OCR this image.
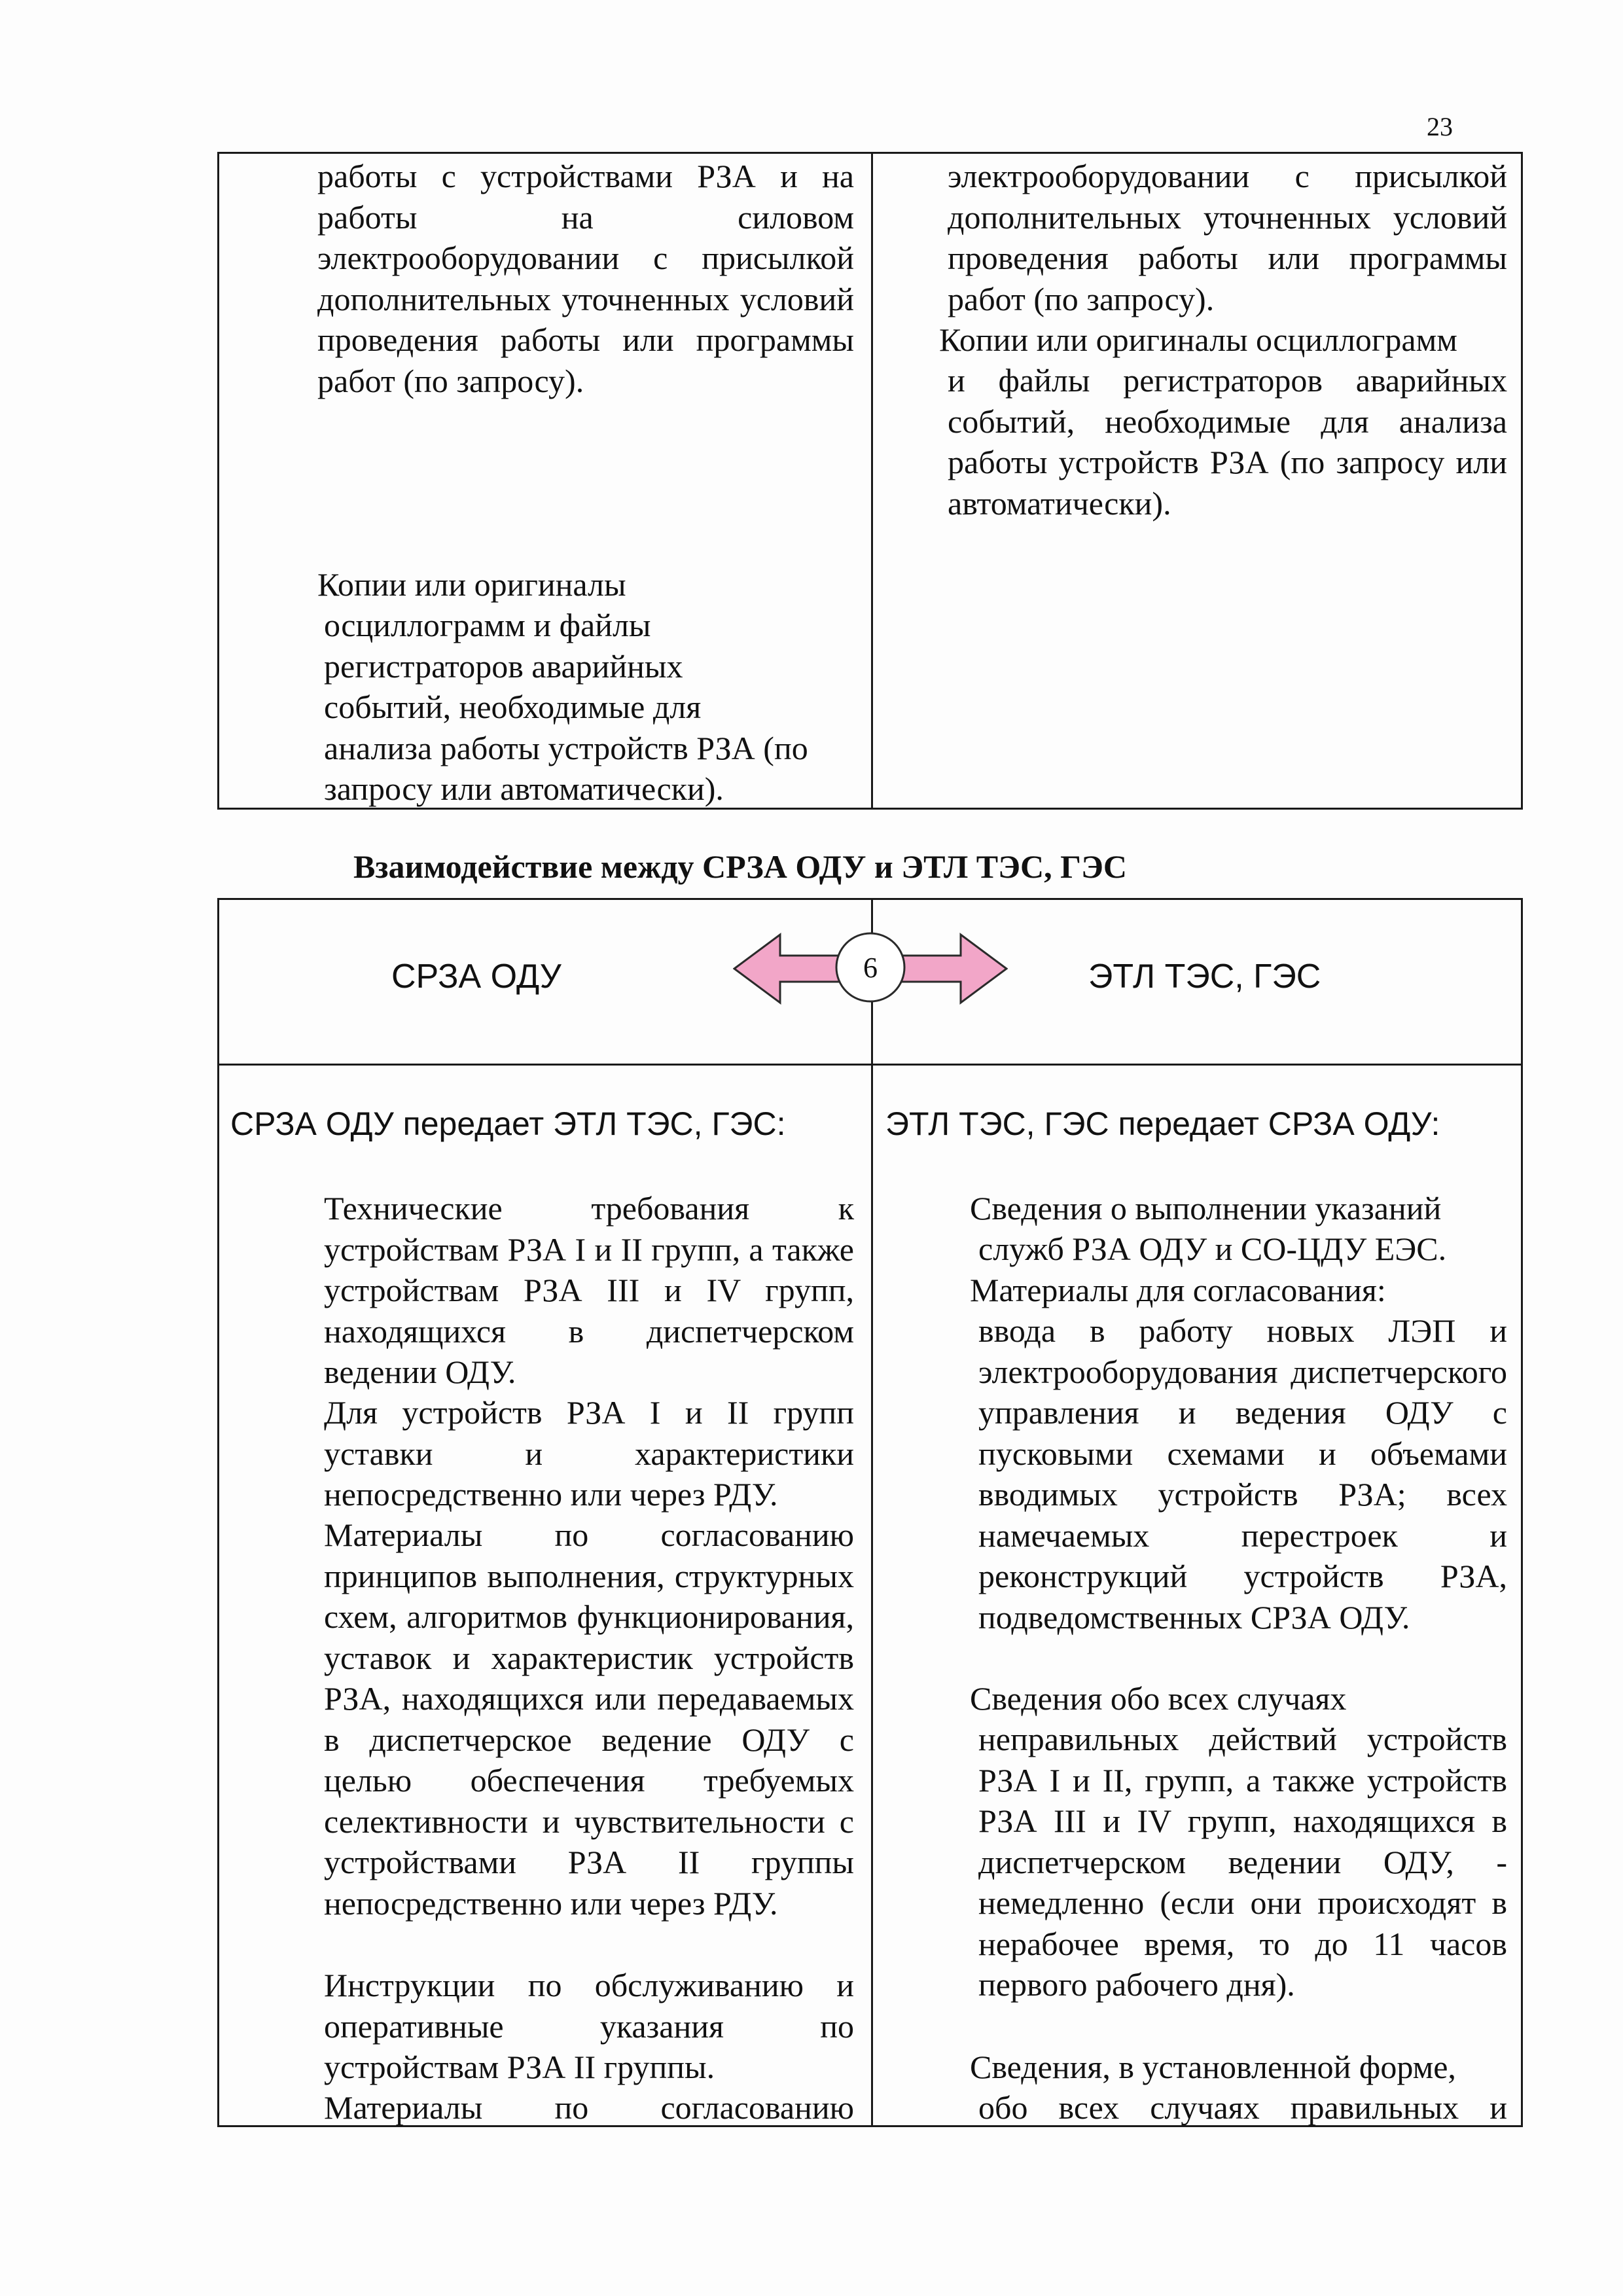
23
работы с устройствами РЗА и на работы на силовом электрооборудовании с присылкой дополнительных уточненных условий проведения работы или программы работ (по запросу).
Копии или оригиналы
осциллограмм и файлы
регистраторов аварийных
событий, необходимые для
анализа работы устройств РЗА (по
запросу или автоматически).
электрооборудовании с присылкой дополнительных уточненных условий проведения работы или программы работ (по запросу).
Копии или оригиналы осциллограмм
и файлы регистраторов аварийных событий, необходимые для анализа работы устройств РЗА (по запросу или автоматически).
Взаимодействие между СРЗА ОДУ и ЭТЛ ТЭС, ГЭС
СРЗА ОДУ	ЭТЛ ТЭС, ГЭС
6
СРЗА ОДУ передает ЭТЛ ТЭС, ГЭС:	ЭТЛ ТЭС, ГЭС передает СРЗА ОДУ:
Технические требования к устройствам РЗА I и II групп, а также устройствам РЗА III и IV групп, находящихся в диспетчерском ведении ОДУ.
Для устройств РЗА I и II групп уставки и характеристики непосредственно или через РДУ.
Материалы по согласованию принципов выполнения, структурных схем, алгоритмов функционирования, уставок и характеристик устройств РЗА, находящихся или передаваемых в диспетчерское ведение ОДУ с целью обеспечения требуемых селективности и чувствительности с устройствами РЗА II группы непосредственно или через РДУ.
Инструкции по обслуживанию и оперативные указания по устройствам РЗА II группы.
Материалы по согласованию
Сведения о выполнении указаний
служб РЗА ОДУ и СО-ЦДУ ЕЭС.
Материалы для согласования:
ввода в работу новых ЛЭП и электрооборудования диспетчерского управления и ведения ОДУ с пусковыми схемами и объемами вводимых устройств РЗА; всех намечаемых перестроек и реконструкций устройств РЗА, подведомственных СРЗА ОДУ.
Сведения обо всех случаях
неправильных действий устройств РЗА I и II, групп, а также устройств РЗА III и IV групп, находящихся в диспетчерском ведении ОДУ, - немедленно (если они происходят в нерабочее время, то до 11 часов первого рабочего дня).
Сведения, в установленной форме,
обо всех случаях правильных и
